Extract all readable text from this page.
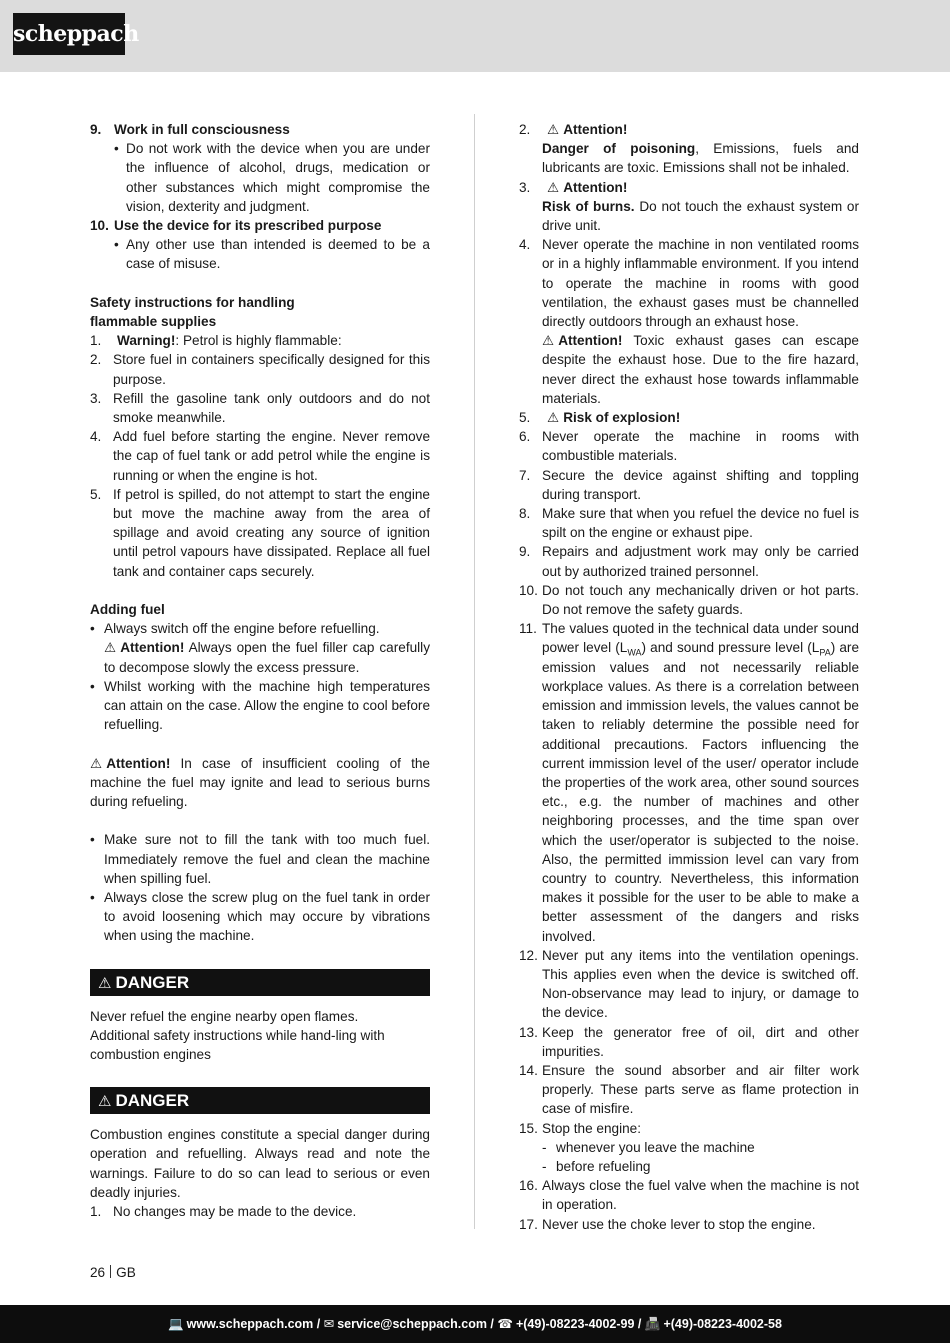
scheppach
9. Work in full consciousness
• Do not work with the device when you are under the influence of alcohol, drugs, medication or other substances which might compromise the vision, dexterity and judgment.
10. Use the device for its prescribed purpose
• Any other use than intended is deemed to be a case of misuse.
Safety instructions for handling
flammable supplies
1.	Warning!: Petrol is highly flammable:
2. Store fuel in containers specifically designed for this purpose.
3. Refill the gasoline tank only outdoors and do not smoke meanwhile.
4. Add fuel before starting the engine. Never remove the cap of fuel tank or add petrol while the engine is running or when the engine is hot.
5. If petrol is spilled, do not attempt to start the engine but move the machine away from the area of spillage and avoid creating any source of ignition until petrol vapours have dissipated. Replace all fuel tank and container caps securely.
Adding fuel
• Always switch off the engine before refuelling.
⚠ Attention! Always open the fuel filler cap carefully to decompose slowly the excess pressure.
• Whilst working with the machine high temperatures can attain on the case. Allow the engine to cool before refuelling.
⚠ Attention! In case of insufficient cooling of the machine the fuel may ignite and lead to serious burns during refueling.
• Make sure not to fill the tank with too much fuel. Immediately remove the fuel and clean the machine when spilling fuel.
• Always close the screw plug on the fuel tank in order to avoid loosening which may occure by vibrations when using the machine.
⚠ DANGER
Never refuel the engine nearby open flames.
Additional safety instructions while hand-ling with combustion engines
⚠ DANGER
Combustion engines constitute a special danger during operation and refuelling. Always read and note the warnings. Failure to do so can lead to serious or even deadly injuries.
1. No changes may be made to the device.
2.	⚠ Attention!
Danger of poisoning, Emissions, fuels and lubricants are toxic. Emissions shall not be inhaled.
3.	⚠ Attention!
Risk of burns. Do not touch the exhaust system or drive unit.
4. Never operate the machine in non ventilated rooms or in a highly inflammable environment. If you intend to operate the machine in rooms with good ventilation, the exhaust gases must be channelled directly outdoors through an exhaust hose.
⚠ Attention! Toxic exhaust gases can escape despite the exhaust hose. Due to the fire hazard, never direct the exhaust hose towards inflammable materials.
5.	⚠ Risk of explosion!
6. Never operate the machine in rooms with combustible materials.
7. Secure the device against shifting and toppling during transport.
8. Make sure that when you refuel the device no fuel is spilt on the engine or exhaust pipe.
9. Repairs and adjustment work may only be carried out by authorized trained personnel.
10. Do not touch any mechanically driven or hot parts. Do not remove the safety guards.
11. The values quoted in the technical data under sound power level $(L_{WA})$ and sound pressure level $(L_{PA})$ are emission values and not necessarily reliable workplace values. As there is a correlation between emission and immission levels, the values cannot be taken to reliably determine the possible need for additional precautions. Factors influencing the current immission level of the user/ operator include the properties of the work area, other sound sources etc., e.g. the number of machines and other neighboring processes, and the time span over which the user/operator is subjected to the noise. Also, the permitted immission level can vary from country to country. Nevertheless, this information makes it possible for the user to be able to make a better assessment of the dangers and risks involved.
12. Never put any items into the ventilation openings. This applies even when the device is switched off. Non-observance may lead to injury, or damage to the device.
13. Keep the generator free of oil, dirt and other impurities.
14. Ensure the sound absorber and air filter work properly. These parts serve as flame protection in case of misfire.
15. Stop the engine:
- whenever you leave the machine
- before refueling
16. Always close the fuel valve when the machine is not in operation.
17. Never use the choke lever to stop the engine.
26 GB
💻 www.scheppach.com / ✉ service@scheppach.com / ☎ +(49)-08223-4002-99 / 📠 +(49)-08223-4002-58
